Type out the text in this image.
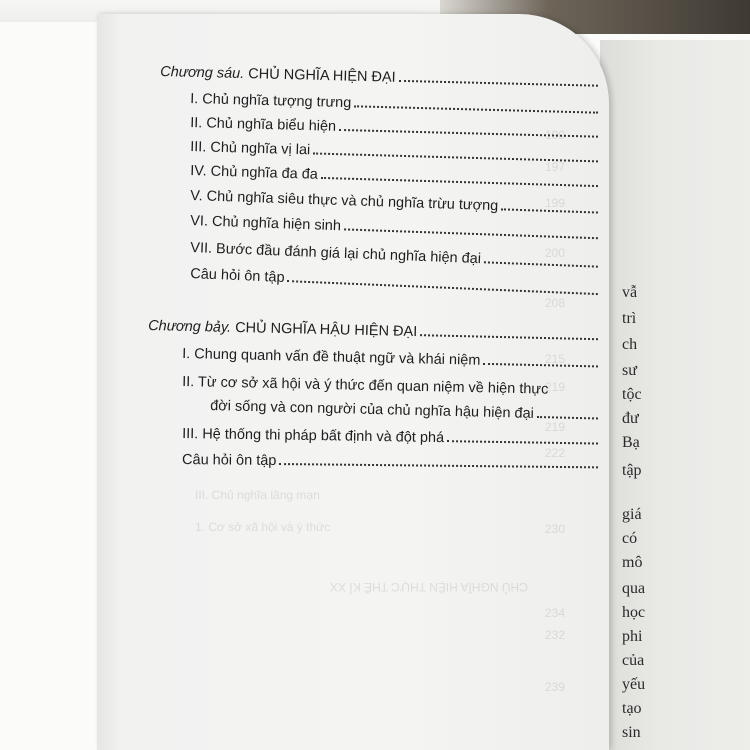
vẫ
trì
ch
sư
tộc
đư
Bạ
tập
giá
có
mô
qua
học
phi
của
yếu
tạo
sin
190
197
199
200
208
215
219
219
222
230
234
232
239
III. Chủ nghĩa lãng mạn
1. Cơ sở xã hội và ý thức
CHỦ NGHĨA HIỆN THỰC THẾ KỈ XX
Chương sáu. CHỦ NGHĨA HIỆN ĐẠI
I. Chủ nghĩa tượng trưng
II. Chủ nghĩa biểu hiện
III. Chủ nghĩa vị lai
IV. Chủ nghĩa đa đa
V. Chủ nghĩa siêu thực và chủ nghĩa trừu tượng
VI. Chủ nghĩa hiện sinh
VII. Bước đầu đánh giá lại chủ nghĩa hiện đại
Câu hỏi ôn tập
Chương bảy. CHỦ NGHĨA HẬU HIỆN ĐẠI
I. Chung quanh vấn đề thuật ngữ và khái niệm
II. Từ cơ sở xã hội và ý thức đến quan niệm về hiện thực
đời sống và con người của chủ nghĩa hậu hiện đại
III. Hệ thống thi pháp bất định và đột phá
Câu hỏi ôn tập
